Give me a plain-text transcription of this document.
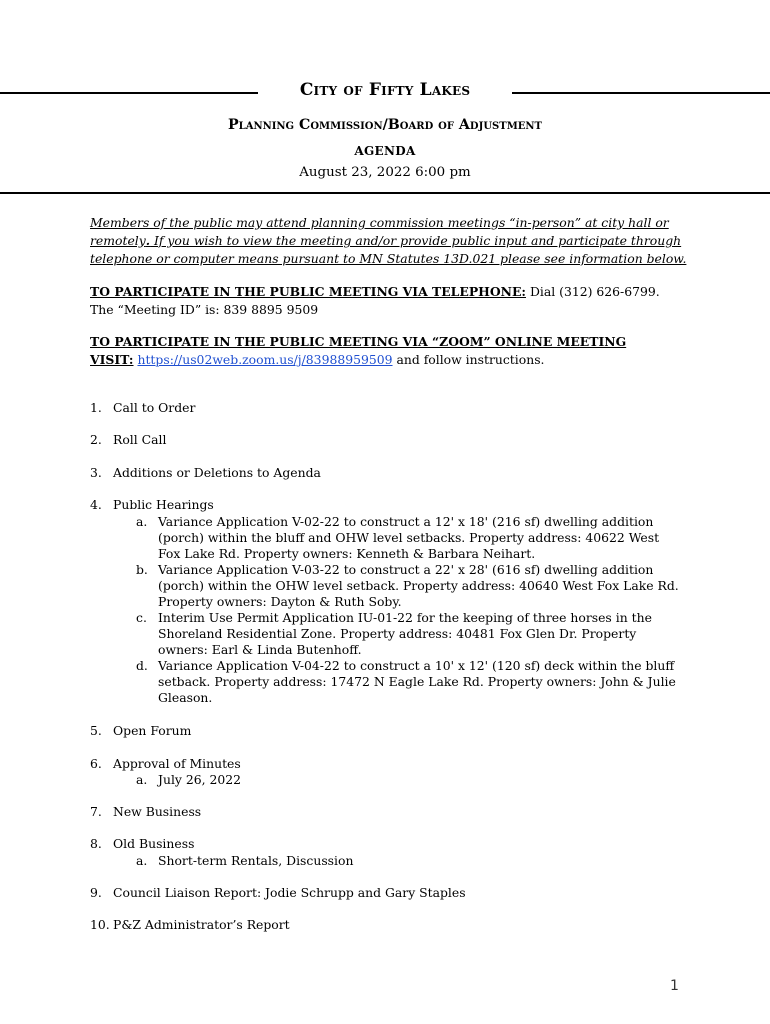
City of Fifty Lakes
Planning Commission/Board of Adjustment
AGENDA
August 23, 2022 6:00 pm
Members of the public may attend planning commission meetings “in-person” at city hall or remotely. If you wish to view the meeting and/or provide public input and participate through telephone or computer means pursuant to MN Statutes 13D.021 please see information below.
TO PARTICIPATE IN THE PUBLIC MEETING VIA TELEPHONE: Dial (312) 626-6799.
The “Meeting ID” is: 839 8895 9509
TO PARTICIPATE IN THE PUBLIC MEETING VIA “ZOOM” ONLINE MEETING
VISIT: https://us02web.zoom.us/j/83988959509 and follow instructions.
1. Call to Order
2. Roll Call
3. Additions or Deletions to Agenda
4. Public Hearings
a. Variance Application V-02-22 to construct a 12' x 18' (216 sf) dwelling addition (porch) within the bluff and OHW level setbacks. Property address: 40622 West Fox Lake Rd. Property owners: Kenneth & Barbara Neihart.
b. Variance Application V-03-22 to construct a 22' x 28' (616 sf) dwelling addition (porch) within the OHW level setback. Property address: 40640 West Fox Lake Rd. Property owners: Dayton & Ruth Soby.
c. Interim Use Permit Application IU-01-22 for the keeping of three horses in the Shoreland Residential Zone. Property address: 40481 Fox Glen Dr. Property owners: Earl & Linda Butenhoff.
d. Variance Application V-04-22 to construct a 10' x 12' (120 sf) deck within the bluff setback. Property address: 17472 N Eagle Lake Rd. Property owners: John & Julie Gleason.
5. Open Forum
6. Approval of Minutes
a. July 26, 2022
7. New Business
8. Old Business
a. Short-term Rentals, Discussion
9. Council Liaison Report: Jodie Schrupp and Gary Staples
10. P&Z Administrator’s Report
1
